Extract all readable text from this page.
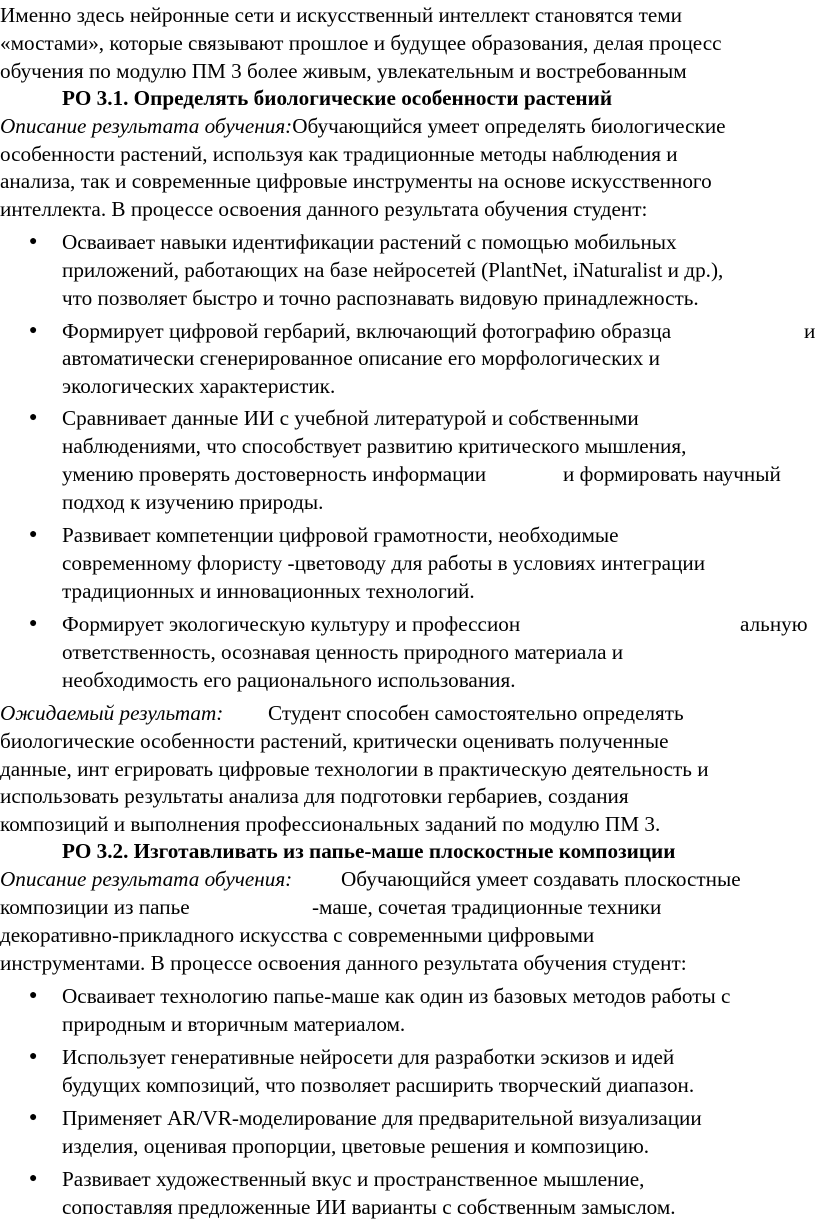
Именно здесь нейронные сети и искусственный интеллект становятся теми
«мостами», которые связывают прошлое и будущее образования, делая процесс
обучения по модулю ПМ 3 более живым, увлекательным и востребованным
РО 3.1. Определять биологические особенности растений
Описание результата обучения:Обучающийся умеет определять биологические
особенности растений, используя как традиционные методы наблюдения и
анализа, так и современные цифровые инструменты на основе искусственного
интеллекта. В процессе освоения данного результата обучения студент:
● Осваивает навыки идентификации растений с помощью мобильных
приложений, работающих на базе нейросетей (PlantNet, iNaturalist и др.),
что позволяет быстро и точно распознавать видовую принадлежность.
● Формирует цифровой гербарий, включающий фотографию образца	и
автоматически сгенерированное описание его морфологических и
экологических характеристик.
● Сравнивает данные ИИ с учебной литературой и собственными
наблюдениями, что способствует развитию критического мышления,
умению проверять достоверность информации	и формировать научный
подход к изучению природы.
● Развивает компетенции цифровой грамотности, необходимые
современному флористу -цветоводу для работы в условиях интеграции
традиционных и инновационных технологий.
● Формирует экологическую культуру и профессион	альную
ответственность, осознавая ценность природного материала и
необходимость его рационального использования.
Ожидаемый результат: Студент способен самостоятельно определять
биологические особенности растений, критически оценивать полученные
данные, инт егрировать цифровые технологии в практическую деятельность и
использовать результаты анализа для подготовки гербариев, создания
композиций и выполнения профессиональных заданий по модулю ПМ 3.
РО 3.2. Изготавливать из папье-маше плоскостные композиции
Описание результата обучения: Обучающийся умеет создавать плоскостные
композиции из папье	-маше, сочетая традиционные техники
декоративно-прикладного искусства с современными цифровыми
инструментами. В процессе освоения данного результата обучения студент:
● Осваивает технологию папье-маше как один из базовых методов работы с
природным и вторичным материалом.
● Использует генеративные нейросети для разработки эскизов и идей
будущих композиций, что позволяет расширить творческий диапазон.
● Применяет AR/VR-моделирование для предварительной визуализации
изделия, оценивая пропорции, цветовые решения и композицию.
● Развивает художественный вкус и пространственное мышление,
сопоставляя предложенные ИИ варианты с собственным замыслом.
